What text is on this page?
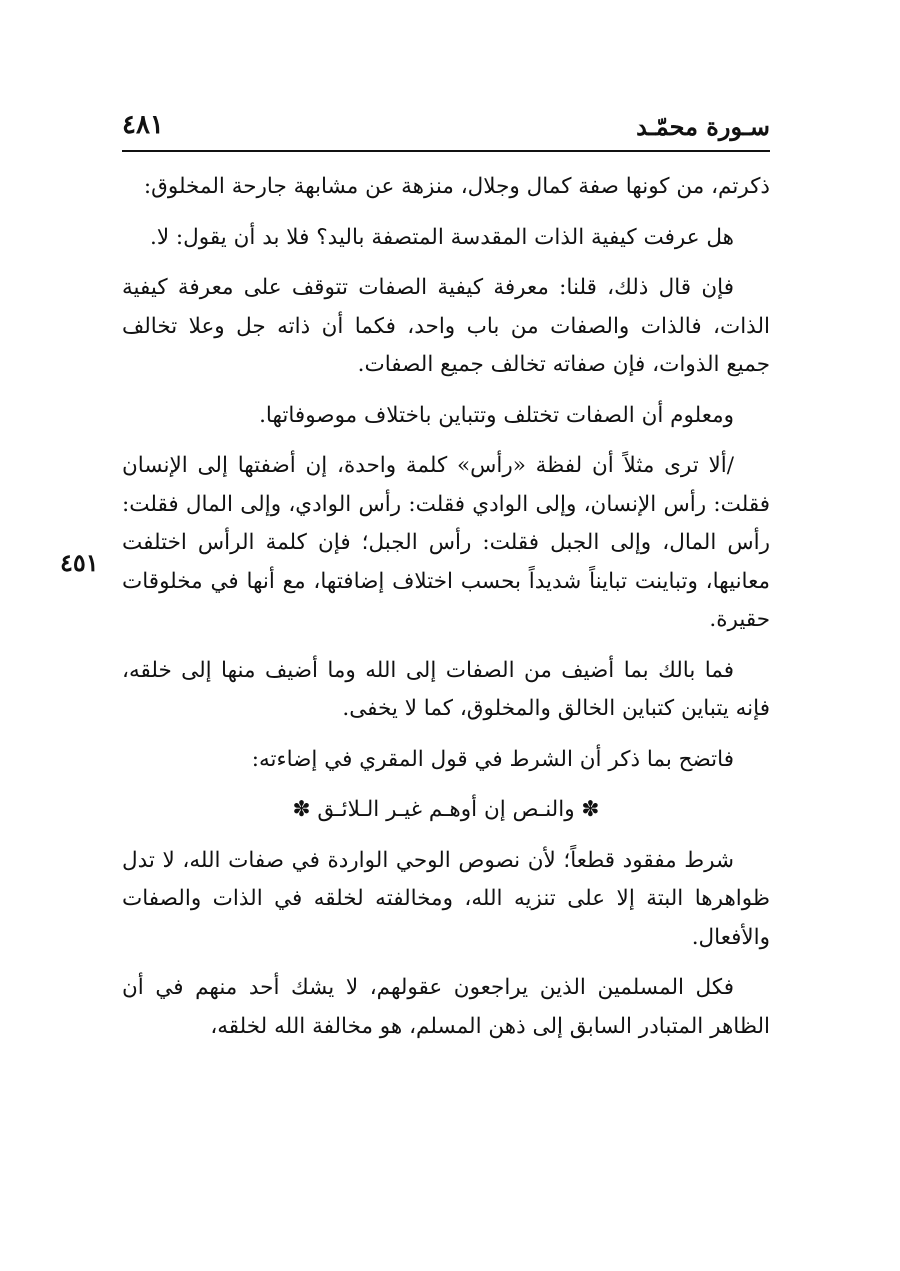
سـورة محمّـد
٤٨١
٤٥١

ذكرتم، من كونها صفة كمال وجلال، منزهة عن مشابهة جارحة المخلوق:

هل عرفت كيفية الذات المقدسة المتصفة باليد؟ فلا بد أن يقول: لا.

فإن قال ذلك، قلنا: معرفة كيفية الصفات تتوقف على معرفة كيفية الذات، فالذات والصفات من باب واحد، فكما أن ذاته جل وعلا تخالف جميع الذوات، فإن صفاته تخالف جميع الصفات.

ومعلوم أن الصفات تختلف وتتباين باختلاف موصوفاتها.

/ألا ترى مثلاً أن لفظة «رأس» كلمة واحدة، إن أضفتها إلى الإنسان فقلت: رأس الإنسان، وإلى الوادي فقلت: رأس الوادي، وإلى المال فقلت: رأس المال، وإلى الجبل فقلت: رأس الجبل؛ فإن كلمة الرأس اختلفت معانيها، وتباينت تبايناً شديداً بحسب اختلاف إضافتها، مع أنها في مخلوقات حقيرة.

فما بالك بما أضيف من الصفات إلى الله وما أضيف منها إلى خلقه، فإنه يتباين كتباين الخالق والمخلوق، كما لا يخفى.

فاتضح بما ذكر أن الشرط في قول المقري في إضاءته:

✽ والنـص إن أوهـم غيـر الـلائـق ✽

شرط مفقود قطعاً؛ لأن نصوص الوحي الواردة في صفات الله، لا تدل ظواهرها البتة إلا على تنزيه الله، ومخالفته لخلقه في الذات والصفات والأفعال.

فكل المسلمين الذين يراجعون عقولهم، لا يشك أحد منهم في أن الظاهر المتبادر السابق إلى ذهن المسلم، هو مخالفة الله لخلقه،
